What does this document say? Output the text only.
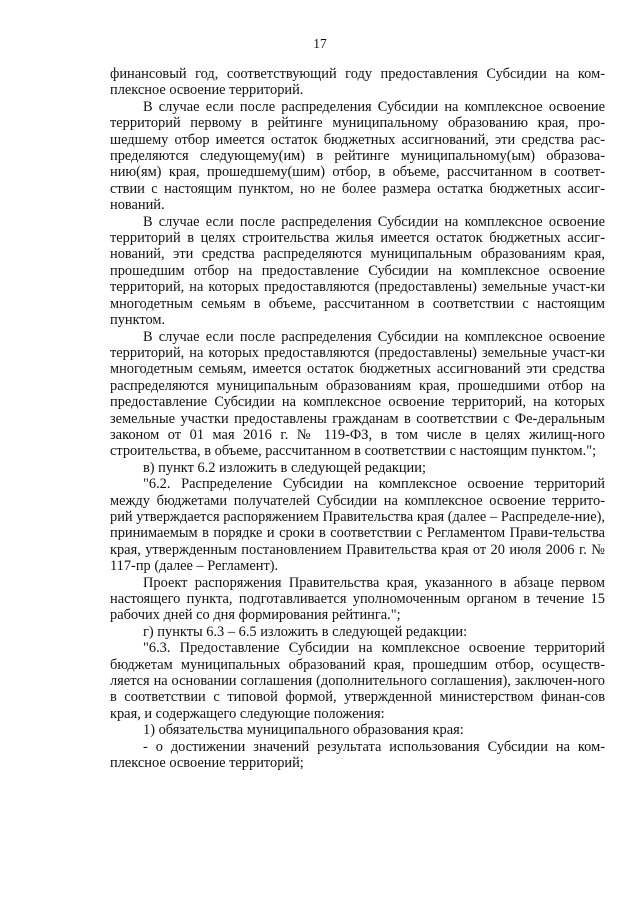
17

финансовый год, соответствующий году предоставления Субсидии на ком-плексное освоение территорий.

В случае если после распределения Субсидии на комплексное освоение территорий первому в рейтинге муниципальному образованию края, про-шедшему отбор имеется остаток бюджетных ассигнований, эти средства рас-пределяются следующему(им) в рейтинге муниципальному(ым) образова-нию(ям) края, прошедшему(шим) отбор, в объеме, рассчитанном в соответ-ствии с настоящим пунктом, но не более размера остатка бюджетных ассиг-нований.

В случае если после распределения Субсидии на комплексное освоение территорий в целях строительства жилья имеется остаток бюджетных ассиг-нований, эти средства распределяются муниципальным образованиям края, прошедшим отбор на предоставление Субсидии на комплексное освоение территорий, на которых предоставляются (предоставлены) земельные участ-ки многодетным семьям в объеме, рассчитанном в соответствии с настоящим пунктом.

В случае если после распределения Субсидии на комплексное освоение территорий, на которых предоставляются (предоставлены) земельные участ-ки многодетным семьям, имеется остаток бюджетных ассигнований эти средства распределяются муниципальным образованиям края, прошедшими отбор на предоставление Субсидии на комплексное освоение территорий, на которых земельные участки предоставлены гражданам в соответствии с Фе-деральным законом от 01 мая 2016 г. № 119-ФЗ, в том числе в целях жилищ-ного строительства, в объеме, рассчитанном в соответствии с настоящим пунктом.";

в) пункт 6.2 изложить в следующей редакции;

"6.2. Распределение Субсидии на комплексное освоение территорий между бюджетами получателей Субсидии на комплексное освоение террито-рий утверждается распоряжением Правительства края (далее – Распределе-ние), принимаемым в порядке и сроки в соответствии с Регламентом Прави-тельства края, утвержденным постановлением Правительства края от 20 июля 2006 г. № 117-пр (далее – Регламент).

Проект распоряжения Правительства края, указанного в абзаце первом настоящего пункта, подготавливается уполномоченным органом в течение 15 рабочих дней со дня формирования рейтинга.";

г) пункты 6.3 – 6.5 изложить в следующей редакции:

"6.3. Предоставление Субсидии на комплексное освоение территорий бюджетам муниципальных образований края, прошедшим отбор, осуществ-ляется на основании соглашения (дополнительного соглашения), заключен-ного в соответствии с типовой формой, утвержденной министерством финан-сов края, и содержащего следующие положения:

1) обязательства муниципального образования края:

- о достижении значений результата использования Субсидии на ком-плексное освоение территорий;
